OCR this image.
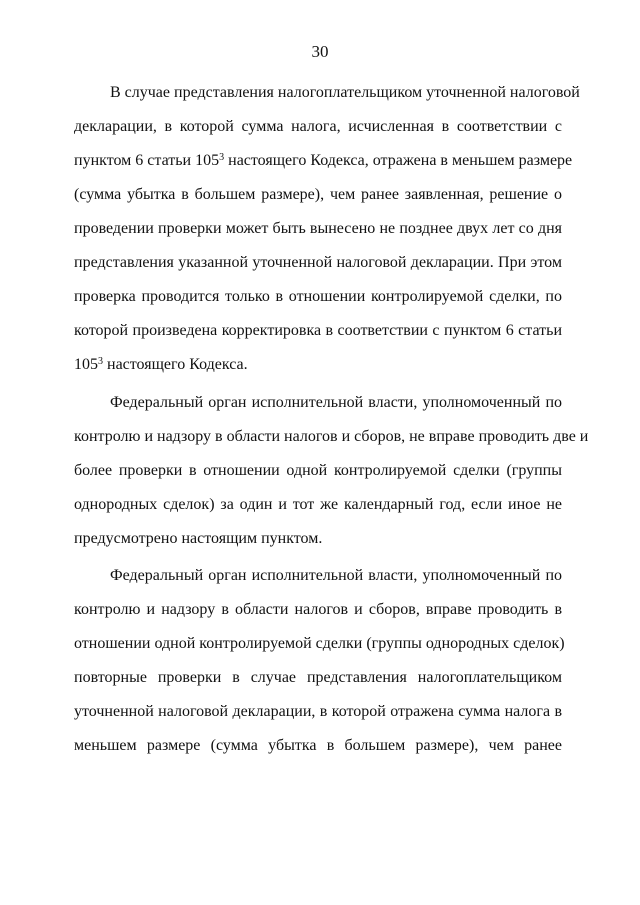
30
В случае представления налогоплательщиком уточненной налоговой
декларации, в которой сумма налога, исчисленная в соответствии с
пунктом 6 статьи $105^3$ настоящего Кодекса, отражена в меньшем размере
(сумма убытка в большем размере), чем ранее заявленная, решение о
проведении проверки может быть вынесено не позднее двух лет со дня
представления указанной уточненной налоговой декларации. При этом
проверка проводится только в отношении контролируемой сделки, по
которой произведена корректировка в соответствии с пунктом 6 статьи
$105^3$ настоящего Кодекса.
Федеральный орган исполнительной власти, уполномоченный по
контролю и надзору в области налогов и сборов, не вправе проводить две и
более проверки в отношении одной контролируемой сделки (группы
однородных сделок) за один и тот же календарный год, если иное не
предусмотрено настоящим пунктом.
Федеральный орган исполнительной власти, уполномоченный по
контролю и надзору в области налогов и сборов, вправе проводить в
отношении одной контролируемой сделки (группы однородных сделок)
повторные проверки в случае представления налогоплательщиком
уточненной налоговой декларации, в которой отражена сумма налога в
меньшем размере (сумма убытка в большем размере), чем ранее
